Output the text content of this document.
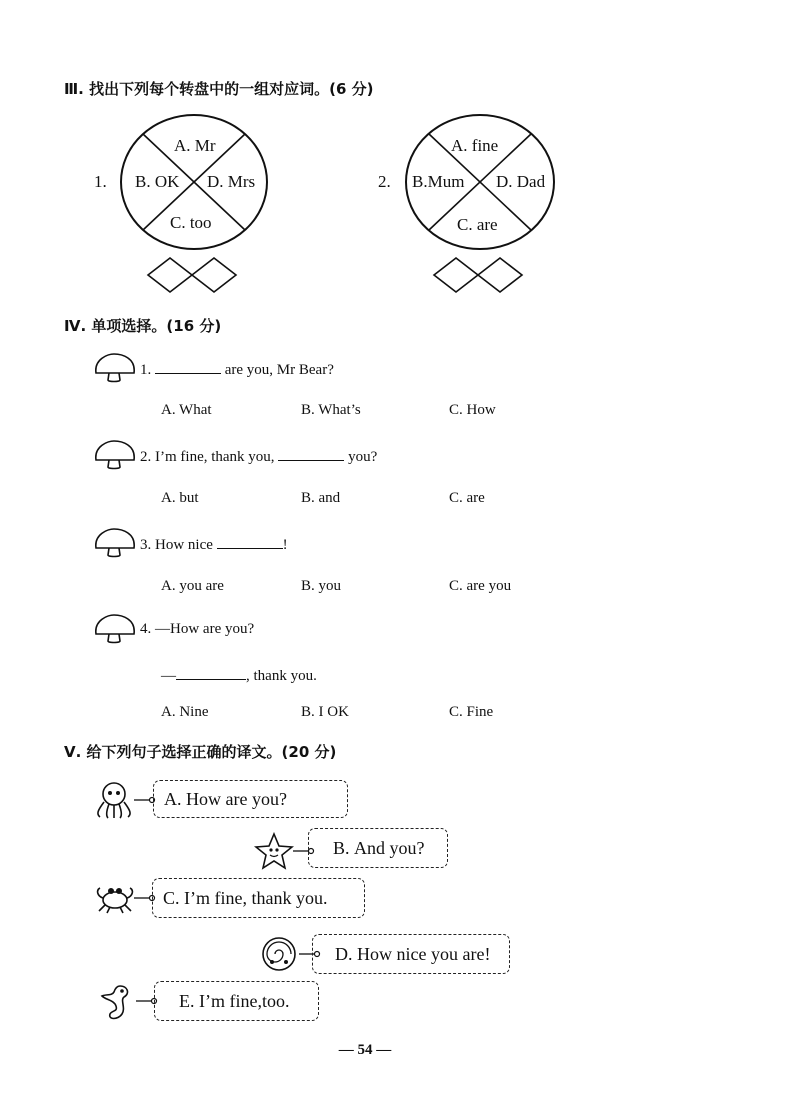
Ⅲ. 找出下列每个转盘中的一组对应词。(6 分)
1.
A. Mr
B. OK D. Mrs
C. too
2.
A. fine
B.Mum D. Dad
C. are
Ⅳ. 单项选择。(16 分)
1.	are you, Mr Bear?
A. What	B. What’s	C. How
2. I’m fine, thank you,	you?
A. but	B. and	C. are
3. How nice	!
A. you are	B. you	C. are you
4. —How are you?
—	, thank you.
A. Nine	B. I OK	C. Fine
Ⅴ. 给下列句子选择正确的译文。(20 分)
A.
How are you?
B.
And you?
C.
I’m fine, thank you.
D.
How nice you are!
E.
I’m fine,too.
— 54 —
